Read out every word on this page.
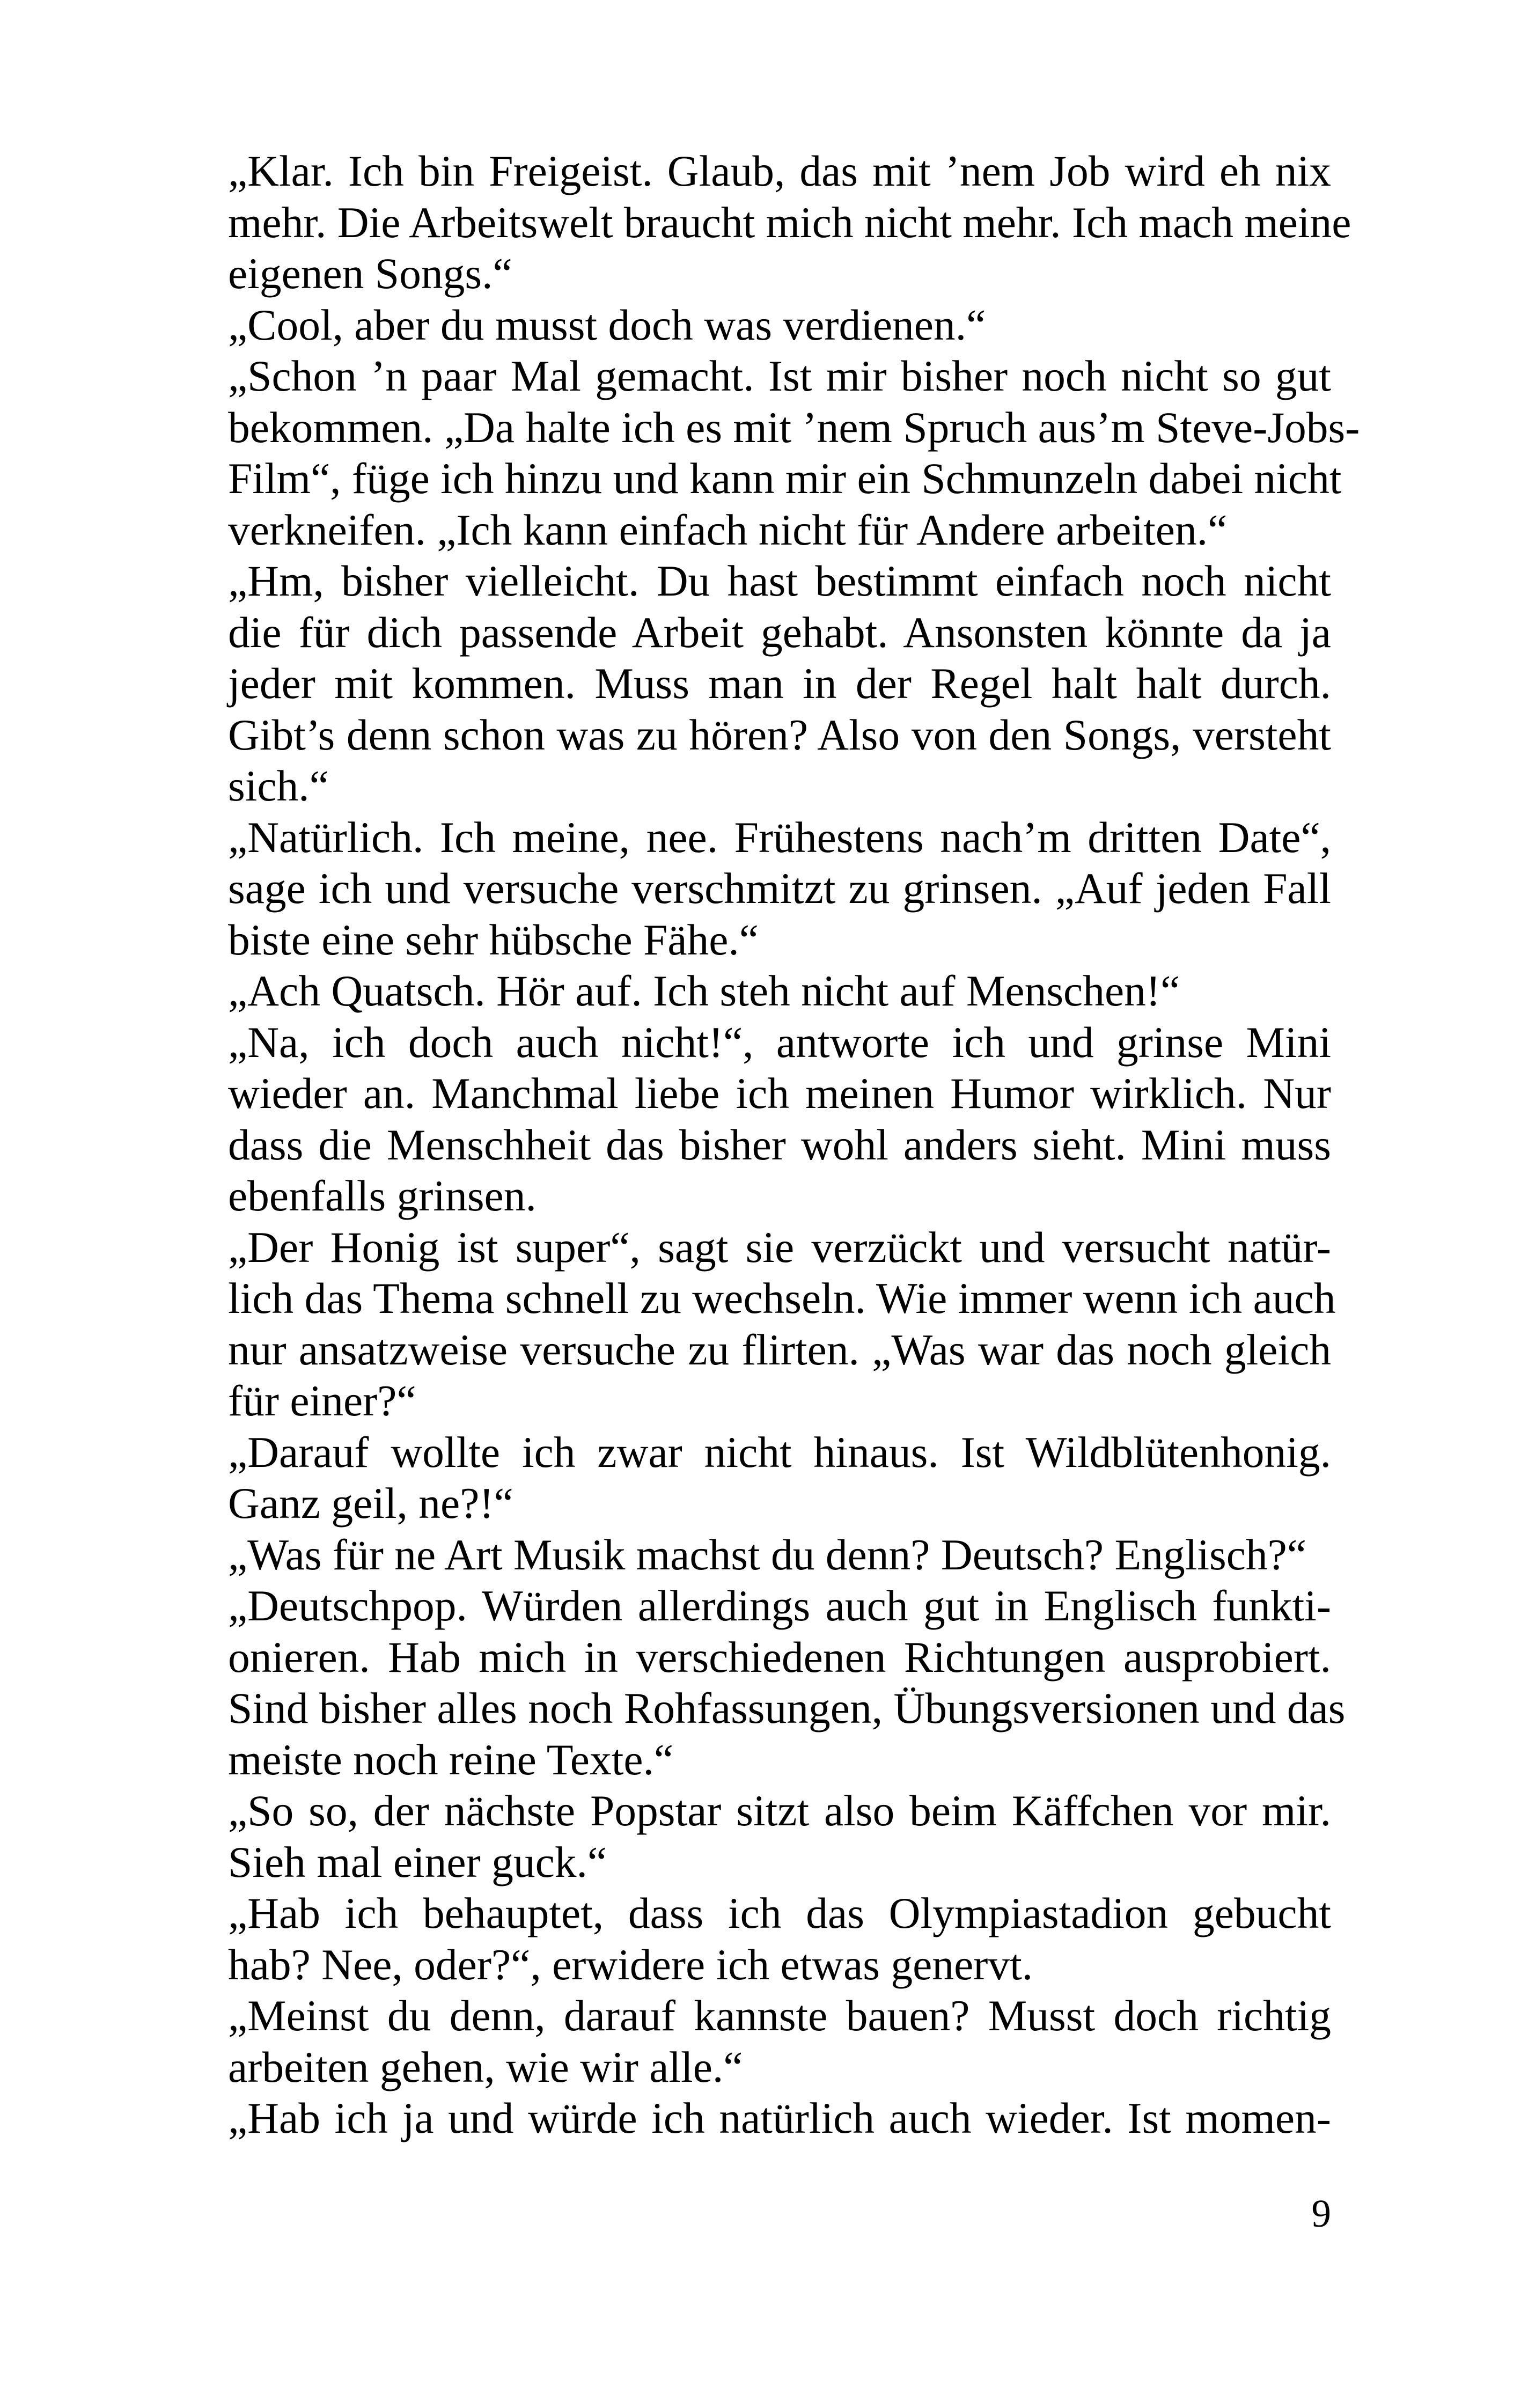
„Klar. Ich bin Freigeist. Glaub, das mit ’nem Job wird eh nix
mehr. Die Arbeitswelt braucht mich nicht mehr. Ich mach meine
eigenen Songs.“

„Cool, aber du musst doch was verdienen.“

„Schon ’n paar Mal gemacht. Ist mir bisher noch nicht so gut
bekommen. „Da halte ich es mit ’nem Spruch aus’m Steve-Jobs-
Film“, füge ich hinzu und kann mir ein Schmunzeln dabei nicht
verkneifen. „Ich kann einfach nicht für Andere arbeiten.“

„Hm, bisher vielleicht. Du hast bestimmt einfach noch nicht
die für dich passende Arbeit gehabt. Ansonsten könnte da ja
jeder mit kommen. Muss man in der Regel halt halt durch.
Gibt’s denn schon was zu hören? Also von den Songs, versteht
sich.“

„Natürlich. Ich meine, nee. Frühestens nach’m dritten Date“,
sage ich und versuche verschmitzt zu grinsen. „Auf jeden Fall
biste eine sehr hübsche Fähe.“

„Ach Quatsch. Hör auf. Ich steh nicht auf Menschen!“

„Na, ich doch auch nicht!“, antworte ich und grinse Mini
wieder an. Manchmal liebe ich meinen Humor wirklich. Nur
dass die Menschheit das bisher wohl anders sieht. Mini muss
ebenfalls grinsen.

„Der Honig ist super“, sagt sie verzückt und versucht natür-
lich das Thema schnell zu wechseln. Wie immer wenn ich auch
nur ansatzweise versuche zu flirten. „Was war das noch gleich
für einer?“

„Darauf wollte ich zwar nicht hinaus. Ist Wildblütenhonig.
Ganz geil, ne?!“

„Was für ne Art Musik machst du denn? Deutsch? Englisch?“

„Deutschpop. Würden allerdings auch gut in Englisch funkti-
onieren. Hab mich in verschiedenen Richtungen ausprobiert.
Sind bisher alles noch Rohfassungen, Übungsversionen und das
meiste noch reine Texte.“

„So so, der nächste Popstar sitzt also beim Käffchen vor mir.
Sieh mal einer guck.“

„Hab ich behauptet, dass ich das Olympiastadion gebucht
hab? Nee, oder?“, erwidere ich etwas genervt.

„Meinst du denn, darauf kannste bauen? Musst doch richtig
arbeiten gehen, wie wir alle.“

„Hab ich ja und würde ich natürlich auch wieder. Ist momen-

9
